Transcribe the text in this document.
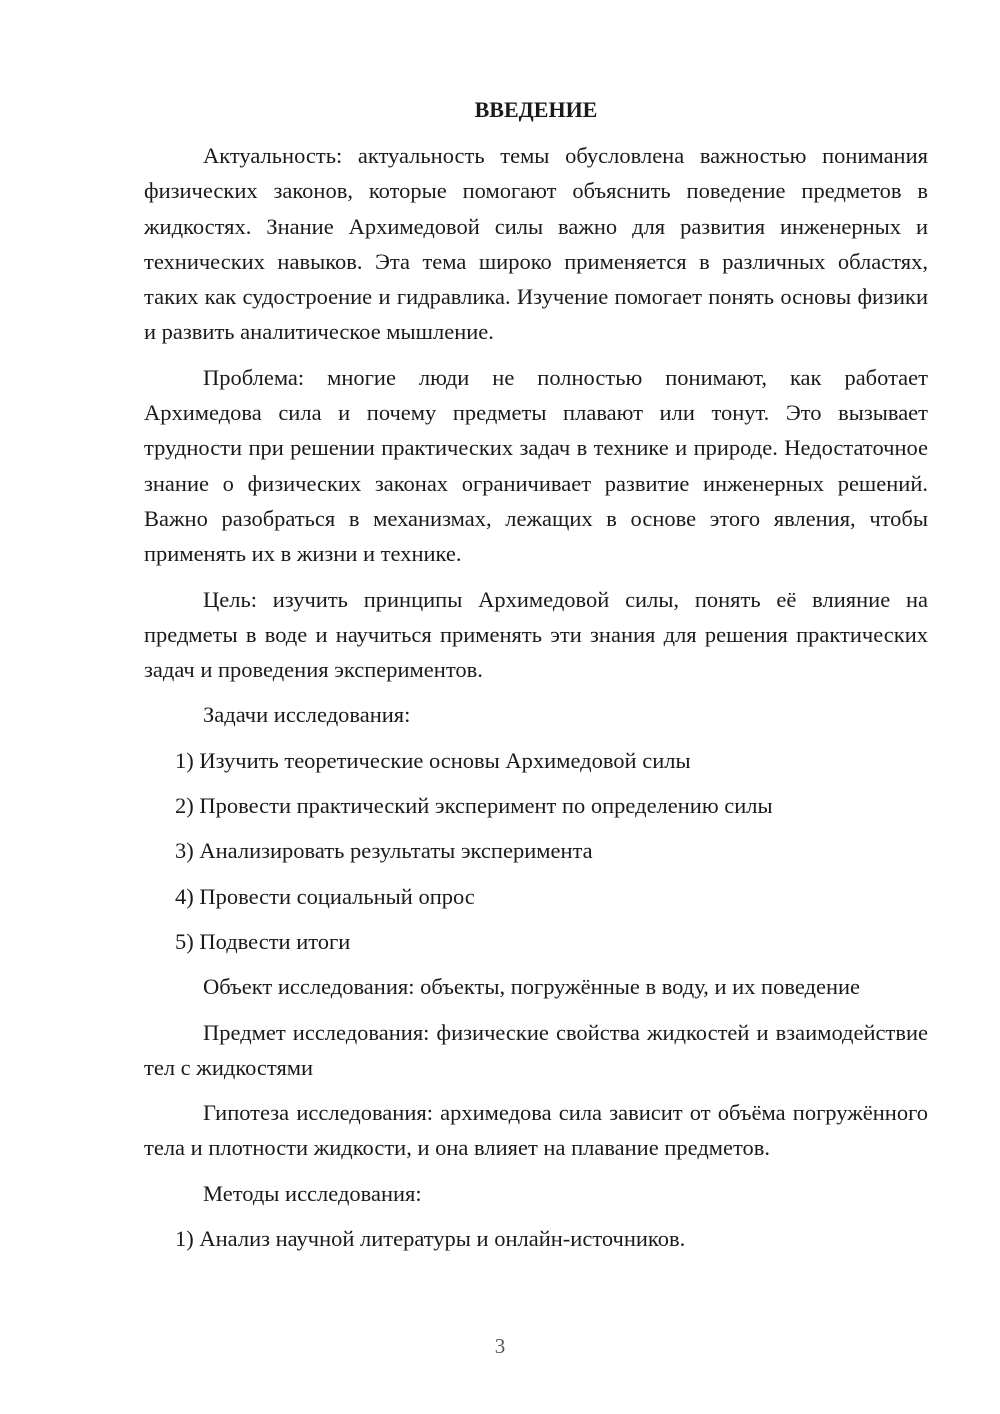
ВВЕДЕНИЕ

Актуальность: актуальность темы обусловлена важностью понимания физических законов, которые помогают объяснить поведение предметов в жидкостях. Знание Архимедовой силы важно для развития инженерных и технических навыков. Эта тема широко применяется в различных областях, таких как судостроение и гидравлика. Изучение помогает понять основы физики и развить аналитическое мышление.

Проблема: многие люди не полностью понимают, как работает Архимедова сила и почему предметы плавают или тонут. Это вызывает трудности при решении практических задач в технике и природе. Недостаточное знание о физических законах ограничивает развитие инженерных решений. Важно разобраться в механизмах, лежащих в основе этого явления, чтобы применять их в жизни и технике.

Цель: изучить принципы Архимедовой силы, понять её влияние на предметы в воде и научиться применять эти знания для решения практических задач и проведения экспериментов.

Задачи исследования:

1) Изучить теоретические основы Архимедовой силы

2) Провести практический эксперимент по определению силы

3) Анализировать результаты эксперимента

4) Провести социальный опрос

5) Подвести итоги

Объект исследования: объекты, погружённые в воду, и их поведение

Предмет исследования: физические свойства жидкостей и взаимодействие тел с жидкостями

Гипотеза исследования: архимедова сила зависит от объёма погружённого тела и плотности жидкости, и она влияет на плавание предметов.

Методы исследования:

1) Анализ научной литературы и онлайн-источников.

3
